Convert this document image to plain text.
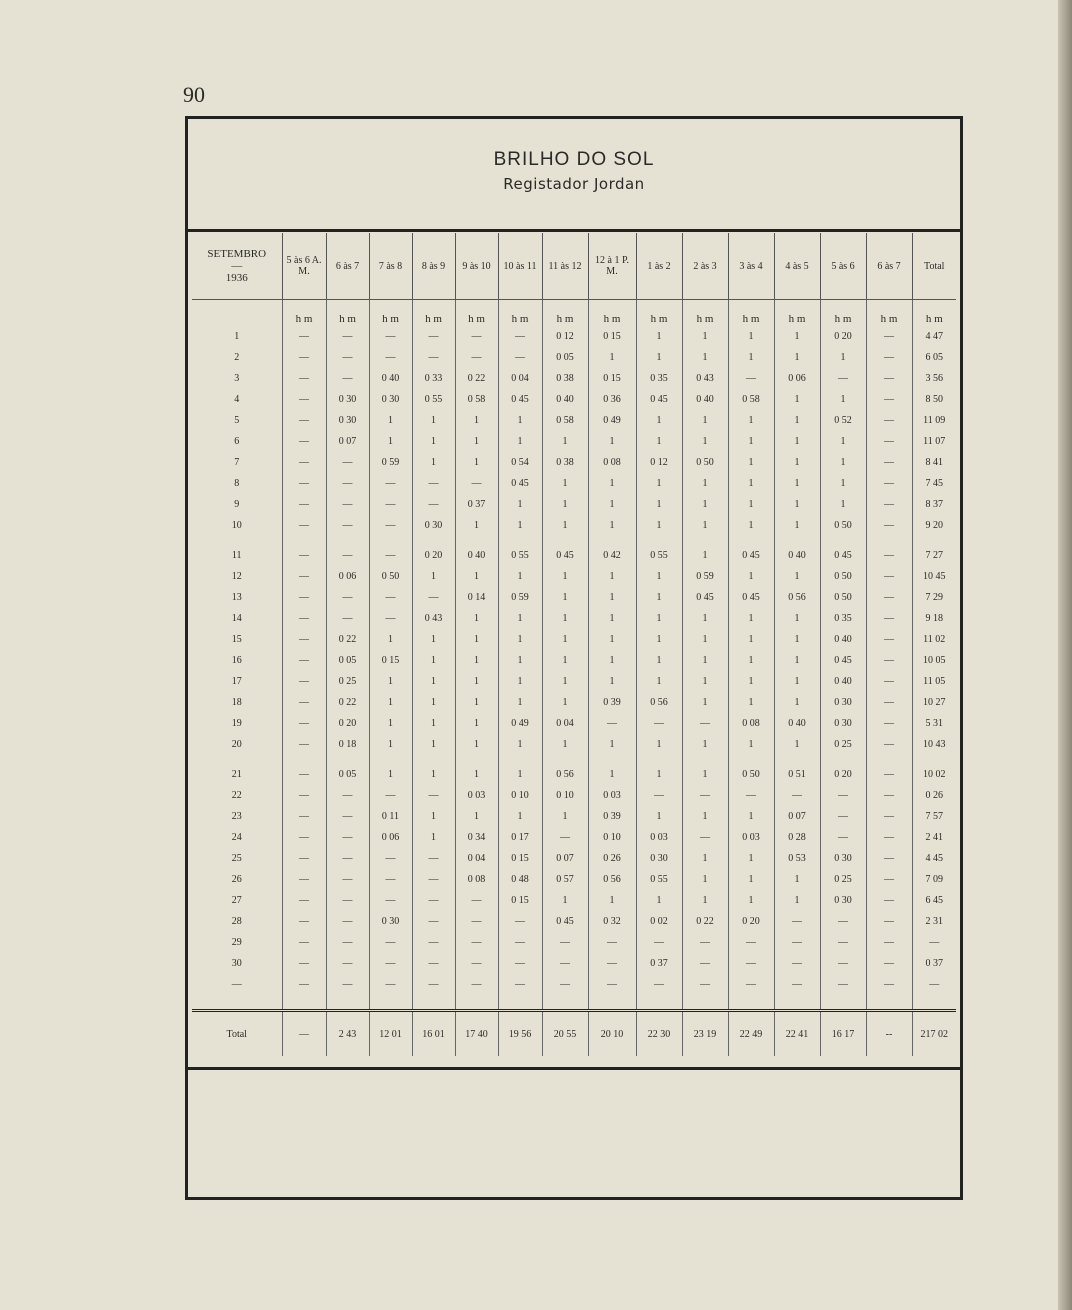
90
BRILHO DO SOL
Registador Jordan
SETEMBRO
—
1936	5 às 6 A. M.	6 às 7	7 às 8	8 às 9	9 às 10	10 às 11	11 às 12	12 à 1 P. M.	1 às 2	2 às 3	3 às 4	4 às 5	5 às 6	6 às 7	Total
	h m	h m	h m	h m	h m	h m	h m	h m	h m	h m	h m	h m	h m	h m	h m
1	—	—	—	—	—	—	0 12	0 15	1	1	1	1	0 20	—	4 47
2	—	—	—	—	—	—	0 05	1	1	1	1	1	1	—	6 05
3	—	—	0 40	0 33	0 22	0 04	0 38	0 15	0 35	0 43	—	0 06	—	—	3 56
4	—	0 30	0 30	0 55	0 58	0 45	0 40	0 36	0 45	0 40	0 58	1	1	—	8 50
5	—	0 30	1	1	1	1	0 58	0 49	1	1	1	1	0 52	—	11 09
6	—	0 07	1	1	1	1	1	1	1	1	1	1	1	—	11 07
7	—	—	0 59	1	1	0 54	0 38	0 08	0 12	0 50	1	1	1	—	8 41
8	—	—	—	—	—	0 45	1	1	1	1	1	1	1	—	7 45
9	—	—	—	—	0 37	1	1	1	1	1	1	1	1	—	8 37
10	—	—	—	0 30	1	1	1	1	1	1	1	1	0 50	—	9 20

11	—	—	—	0 20	0 40	0 55	0 45	0 42	0 55	1	0 45	0 40	0 45	—	7 27
12	—	0 06	0 50	1	1	1	1	1	1	0 59	1	1	0 50	—	10 45
13	—	—	—	—	0 14	0 59	1	1	1	0 45	0 45	0 56	0 50	—	7 29
14	—	—	—	0 43	1	1	1	1	1	1	1	1	0 35	—	9 18
15	—	0 22	1	1	1	1	1	1	1	1	1	1	0 40	—	11 02
16	—	0 05	0 15	1	1	1	1	1	1	1	1	1	0 45	—	10 05
17	—	0 25	1	1	1	1	1	1	1	1	1	1	0 40	—	11 05
18	—	0 22	1	1	1	1	1	0 39	0 56	1	1	1	0 30	—	10 27
19	—	0 20	1	1	1	0 49	0 04	—	—	—	0 08	0 40	0 30	—	5 31
20	—	0 18	1	1	1	1	1	1	1	1	1	1	0 25	—	10 43

21	—	0 05	1	1	1	1	0 56	1	1	1	0 50	0 51	0 20	—	10 02
22	—	—	—	—	0 03	0 10	0 10	0 03	—	—	—	—	—	—	0 26
23	—	—	0 11	1	1	1	1	0 39	1	1	1	0 07	—	—	7 57
24	—	—	0 06	1	0 34	0 17	—	0 10	0 03	—	0 03	0 28	—	—	2 41
25	—	—	—	—	0 04	0 15	0 07	0 26	0 30	1	1	0 53	0 30	—	4 45
26	—	—	—	—	0 08	0 48	0 57	0 56	0 55	1	1	1	0 25	—	7 09
27	—	—	—	—	—	0 15	1	1	1	1	1	1	0 30	—	6 45
28	—	—	0 30	—	—	—	0 45	0 32	0 02	0 22	0 20	—	—	—	2 31
29	—	—	—	—	—	—	—	—	—	—	—	—	—	—	—
30	—	—	—	—	—	—	—	—	0 37	—	—	—	—	—	0 37
—	—	—	—	—	—	—	—	—	—	—	—	—	—	—	—

Total	—	2 43	12 01	16 01	17 40	19 56	20 55	20 10	22 30	23 19	22 49	22 41	16 17	--	217 02
